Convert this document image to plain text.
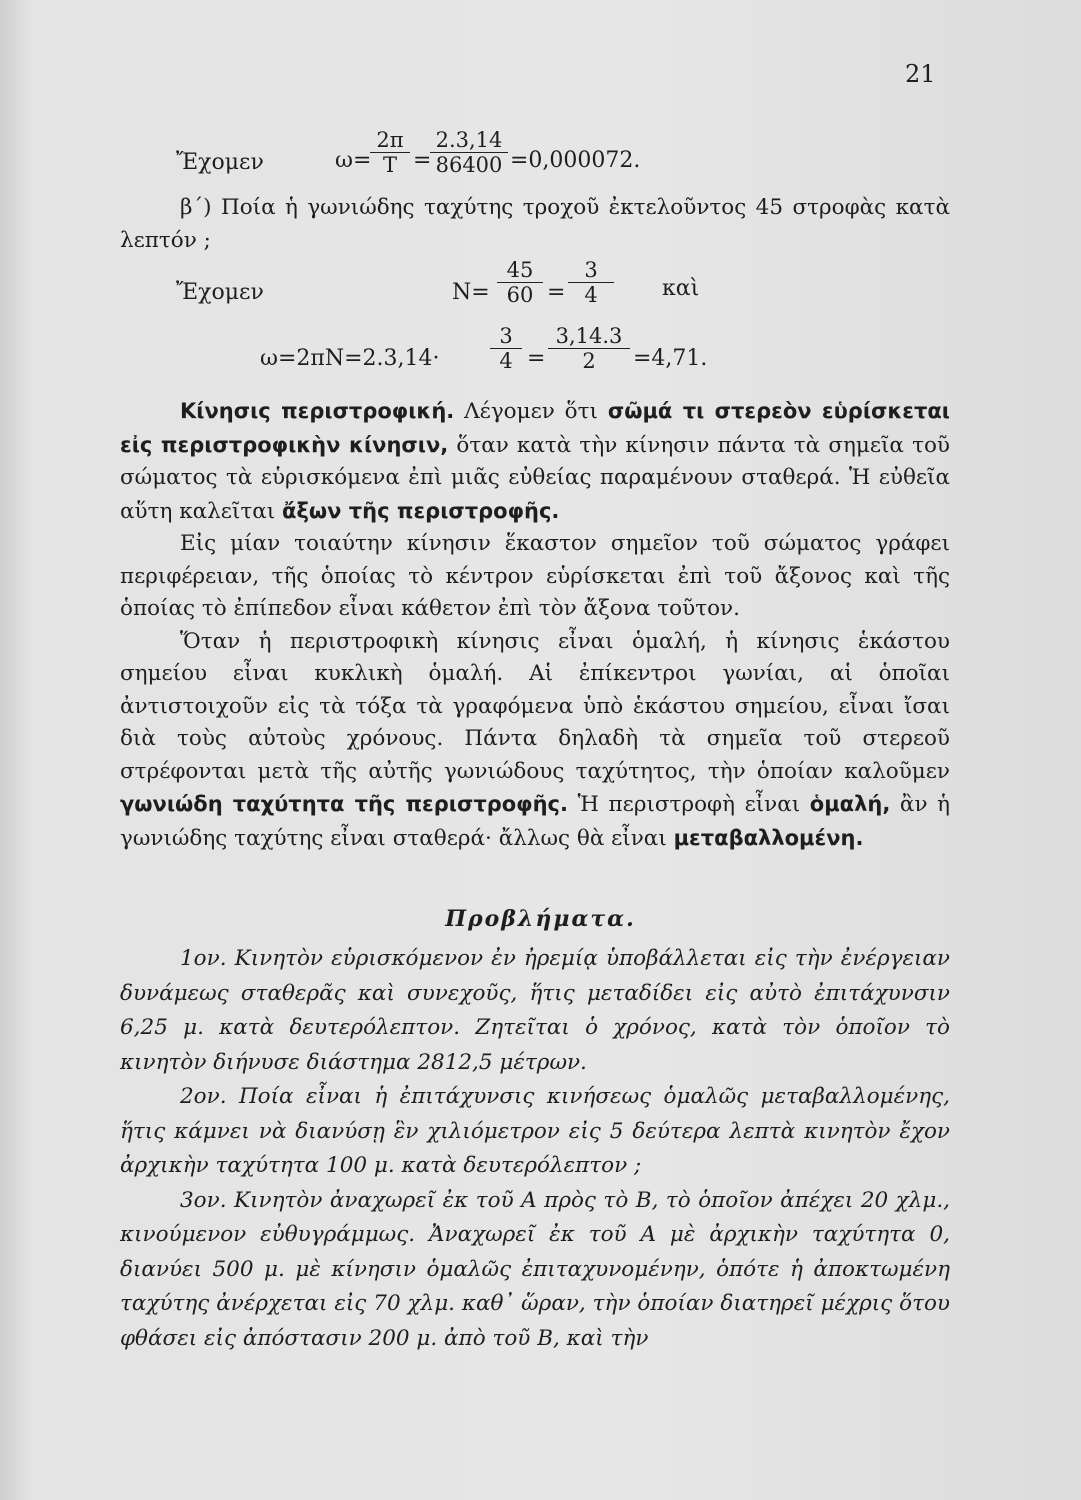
21
Ἔχομεν	ω=
$\frac{2\pi}{T}$ =
$\frac{2.3,14}{86400} =0,000072$.
β΄) Ποία ἡ γωνιώδης ταχύτης τροχοῦ ἐκτελοῦντος 45 στροφὰς κατὰ λεπτόν ;
Ἔχομεν	$N= \frac{45}{60} = \frac{3}{4}$ καὶ
$\omega=2\pi N=2.3,14\cdot \frac{3}{4} = \frac{3,14.3}{2} =4,71$.
Κίνησις περιστροφική. Λέγομεν ὅτι σῶμά τι στερεὸν εὑρίσκεται εἰς περιστροφικὴν κίνησιν, ὅταν κατὰ τὴν κίνησιν πάντα τὰ σημεῖα τοῦ σώματος τὰ εὑρισκόμενα ἐπὶ μιᾶς εὐθείας παραμένουν σταθερά. Ἡ εὐθεῖα αὕτη καλεῖται ἄξων τῆς περιστροφῆς.
Εἰς μίαν τοιαύτην κίνησιν ἕκαστον σημεῖον τοῦ σώματος γράφει περιφέρειαν, τῆς ὁποίας τὸ κέντρον εὑρίσκεται ἐπὶ τοῦ ἄξονος καὶ τῆς ὁποίας τὸ ἐπίπεδον εἶναι κάθετον ἐπὶ τὸν ἄξονα τοῦτον.
Ὅταν ἡ περιστροφικὴ κίνησις εἶναι ὁμαλή, ἡ κίνησις ἑκάστου σημείου εἶναι κυκλικὴ ὁμαλή. Αἱ ἐπίκεντροι γωνίαι, αἱ ὁποῖαι ἀντιστοιχοῦν εἰς τὰ τόξα τὰ γραφόμενα ὑπὸ ἑκάστου σημείου, εἶναι ἴσαι διὰ τοὺς αὐτοὺς χρόνους. Πάντα δηλαδὴ τὰ σημεῖα τοῦ στερεοῦ στρέφονται μετὰ τῆς αὐτῆς γωνιώδους ταχύτητος, τὴν ὁποίαν καλοῦμεν γωνιώδη ταχύτητα τῆς περιστροφῆς. Ἡ περιστροφὴ εἶναι ὁμαλή, ἂν ἡ γωνιώδης ταχύτης εἶναι σταθερά· ἄλλως θὰ εἶναι μεταβαλλομένη.
Προβλήματα.
1ον. Κινητὸν εὑρισκόμενον ἐν ἠρεμίᾳ ὑποβάλλεται εἰς τὴν ἐνέργειαν δυνάμεως σταθερᾶς καὶ συνεχοῦς, ἥτις μεταδίδει εἰς αὐτὸ ἐπιτάχυνσιν 6,25 μ. κατὰ δευτερόλεπτον. Ζητεῖται ὁ χρόνος, κατὰ τὸν ὁποῖον τὸ κινητὸν διήνυσε διάστημα 2812,5 μέτρων.
2ον. Ποία εἶναι ἡ ἐπιτάχυνσις κινήσεως ὁμαλῶς μεταβαλλομένης, ἥτις κάμνει νὰ διανύσῃ ἓν χιλιόμετρον εἰς 5 δεύτερα λεπτὰ κινητὸν ἔχον ἀρχικὴν ταχύτητα 100 μ. κατὰ δευτερόλεπτον ;
3ον. Κινητὸν ἀναχωρεῖ ἐκ τοῦ Α πρὸς τὸ Β, τὸ ὁποῖον ἀπέχει 20 χλμ., κινούμενον εὐθυγράμμως. Ἀναχωρεῖ ἐκ τοῦ Α μὲ ἀρχικὴν ταχύτητα 0, διανύει 500 μ. μὲ κίνησιν ὁμαλῶς ἐπιταχυνομένην, ὁπότε ἡ ἀποκτωμένη ταχύτης ἀνέρχεται εἰς 70 χλμ. καθ᾽ ὥραν, τὴν ὁποίαν διατηρεῖ μέχρις ὅτου φθάσει εἰς ἀπόστασιν 200 μ. ἀπὸ τοῦ Β, καὶ τὴν
